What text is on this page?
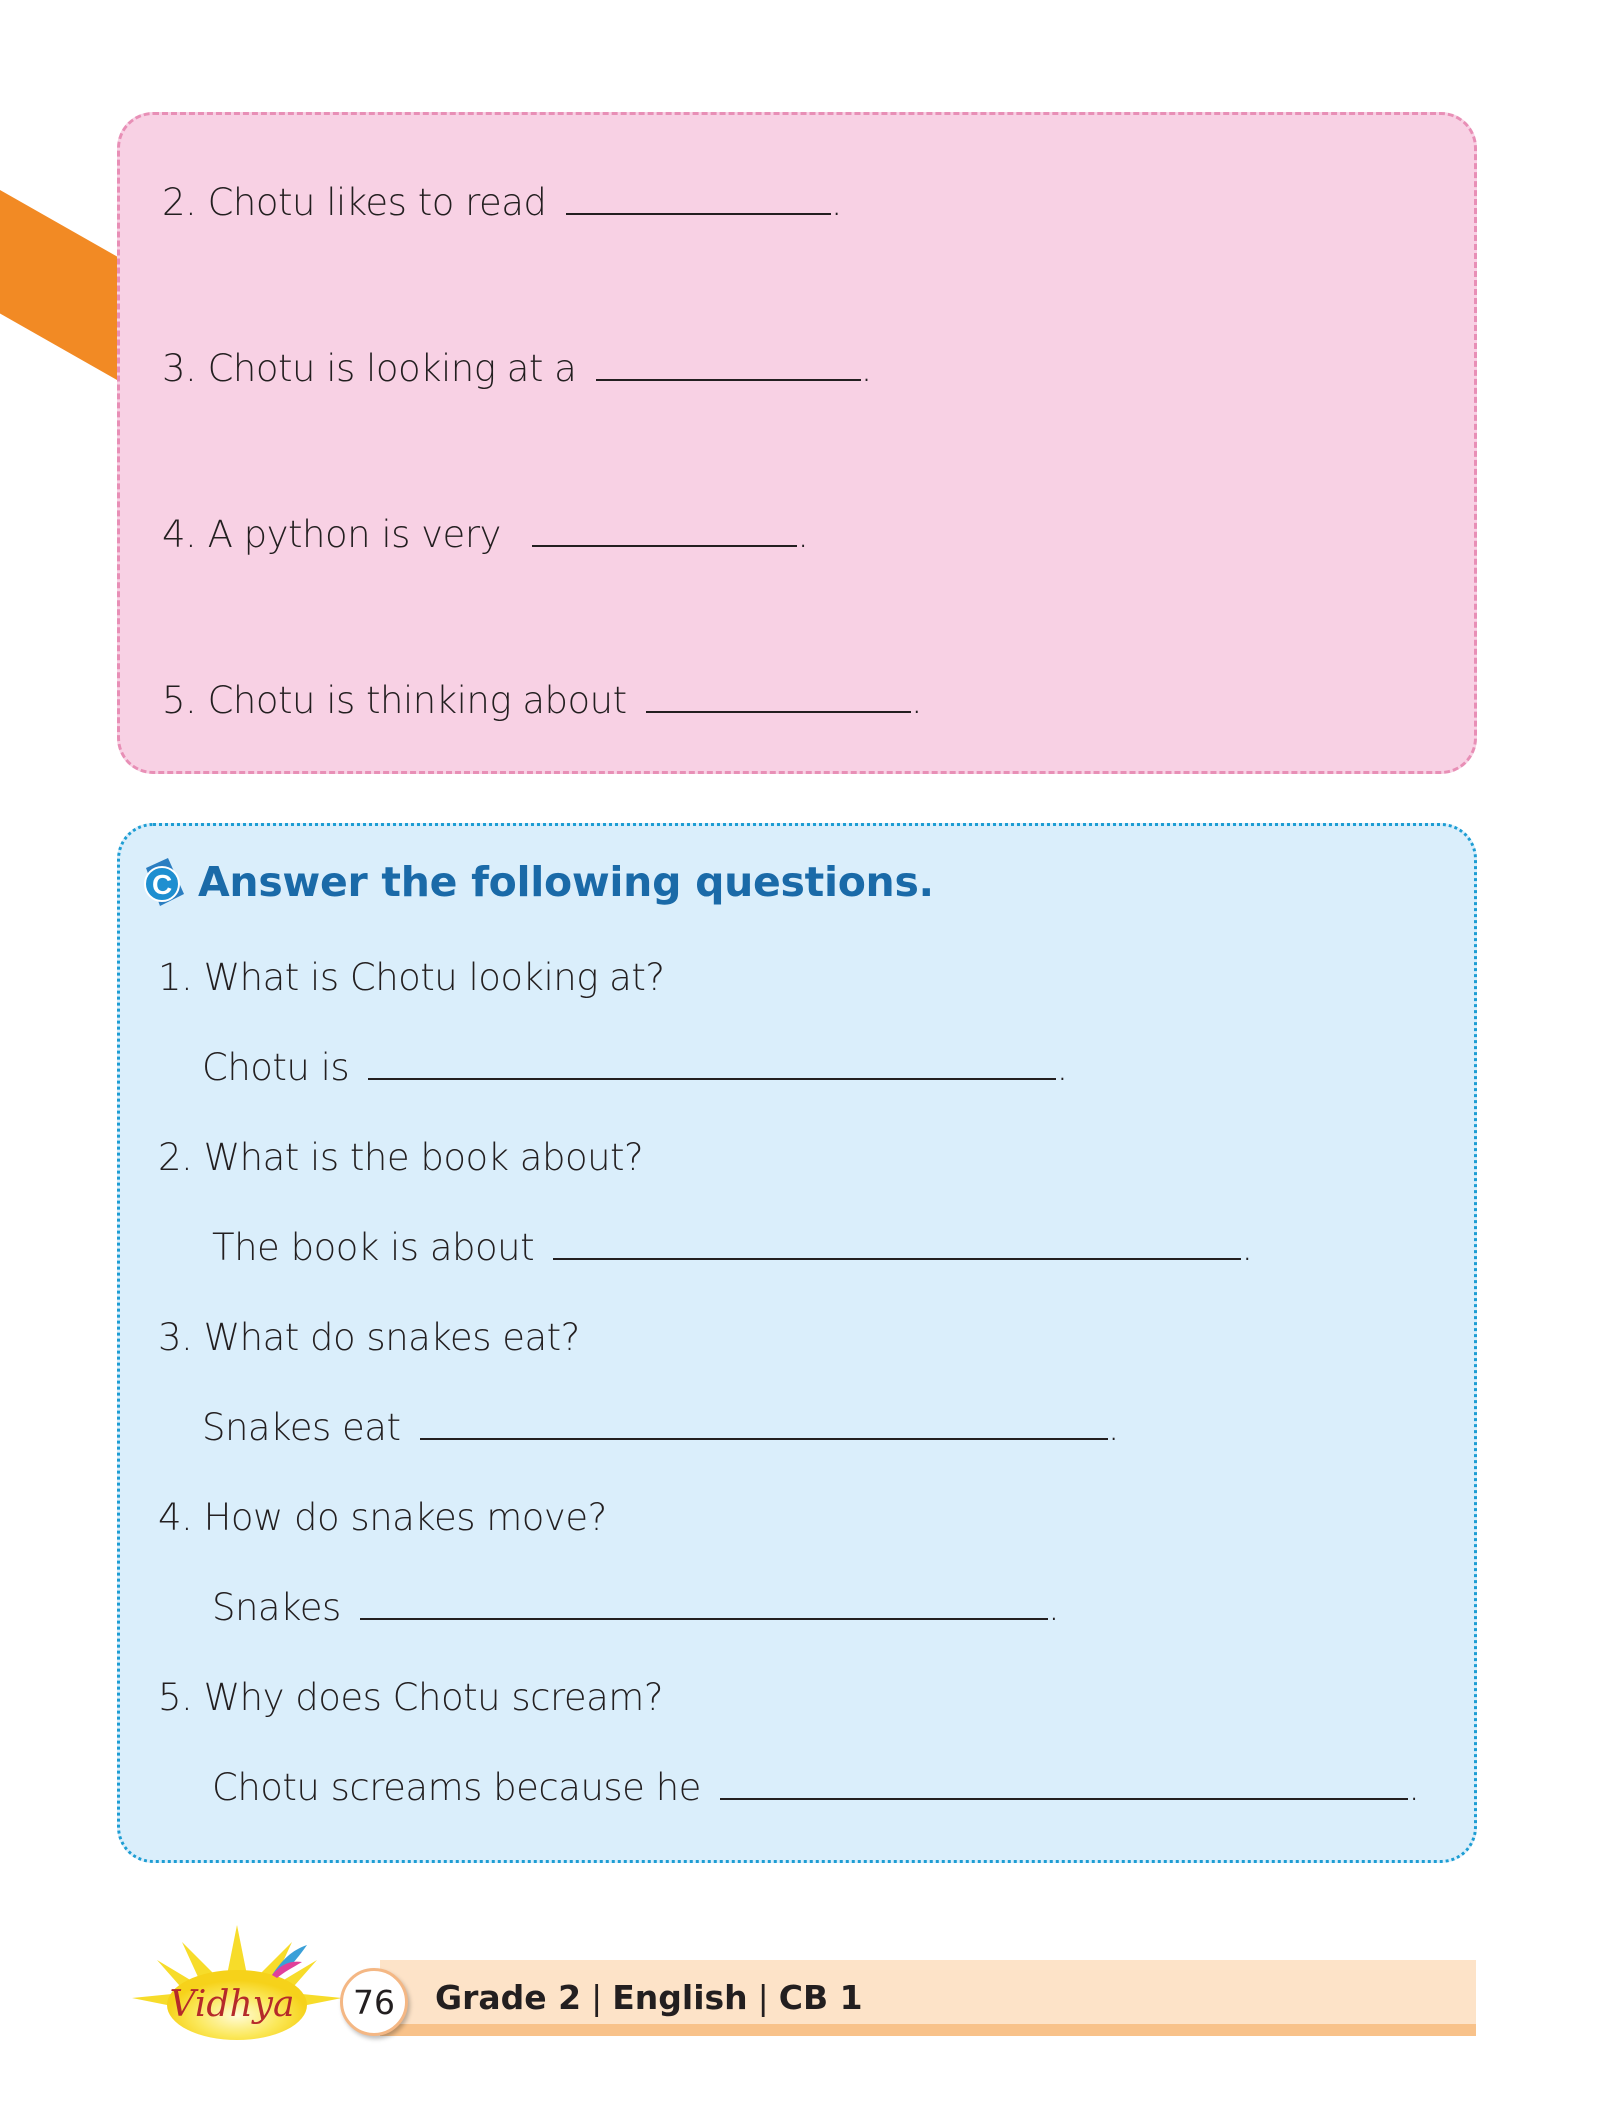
2. Chotu likes to read	.
3. Chotu is looking at a	.
4. A python is very	.
5. Chotu is thinking about	.
C Answer the following questions.
1. What is Chotu looking at?
Chotu is	.
2. What is the book about?
The book is about	.
3. What do snakes eat?
Snakes eat	.
4. How do snakes move?
Snakes	.
5. Why does Chotu scream?
Chotu screams because he	.
Vidhya	76	Grade 2 | English | CB 1
